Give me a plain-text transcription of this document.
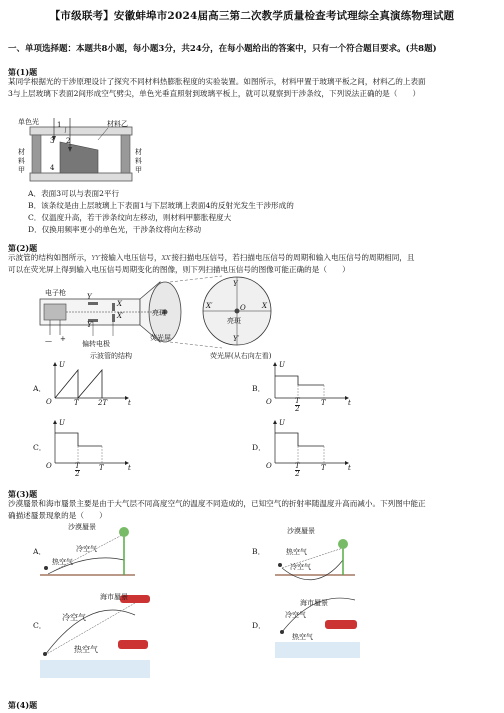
【市级联考】安徽蚌埠市2024届高三第二次教学质量检查考试理综全真演练物理试题
一、单项选择题：本题共8小题，每小题3分，共24分，在每小题给出的答案中，只有一个符合题目要求。(共8题)
第(1)题
某同学根据光的干涉原理设计了探究不同材料热膨胀程度的实验装置。如图所示，材料甲置于玻璃平板之间，材料乙的上表面
3与上层玻璃下表面2间形成空气劈尖，单色光垂直照射到玻璃平板上，就可以观察到干涉条纹，下列说法正确的是（　　）
单色光	材料乙
1
2
3
4
材料甲
材料甲
A．表面3可以与表面2平行
B．该条纹是由上层玻璃上下表面1与下层玻璃上表面4的反射光发生干涉形成的
C．仅温度升高，若干涉条纹向左移动，则材料甲膨胀程度大
D．仅换用频率更小的单色光，干涉条纹将向左移动
第(2)题
示波管的结构如图所示，YY′接输入电压信号，XX′接扫描电压信号，若扫描电压信号的周期和输入电压信号的周期相同，且
可以在荧光屏上得到输入电压信号周期变化的图像，则下列扫描电压信号的图像可能正确的是（　　）
电子枪
偏转电极
荧光屏
亮斑
亮斑
— +
Y
Y′
X
X′
Y
Y′
X′	X
O
示波管的结构	荧光屏(从右向左看)
A．	B．
C．	D．
U
O	T	2T	t
U
O	T
2
T	t
U
O	T
2
T	t
U
O	T
2
T	t
第(3)题
沙漠蜃景和海市蜃景主要是由于大气层不同高度空气的温度不同造成的，已知空气的折射率随温度升高而减小。下列图中能正
确描述蜃景现象的是（　　）
A．	B．
C．	D．
沙漠蜃景
冷空气
热空气
沙漠蜃景
热空气
冷空气
海市蜃景
冷空气
热空气
海市蜃景
冷空气
热空气
第(4)题
